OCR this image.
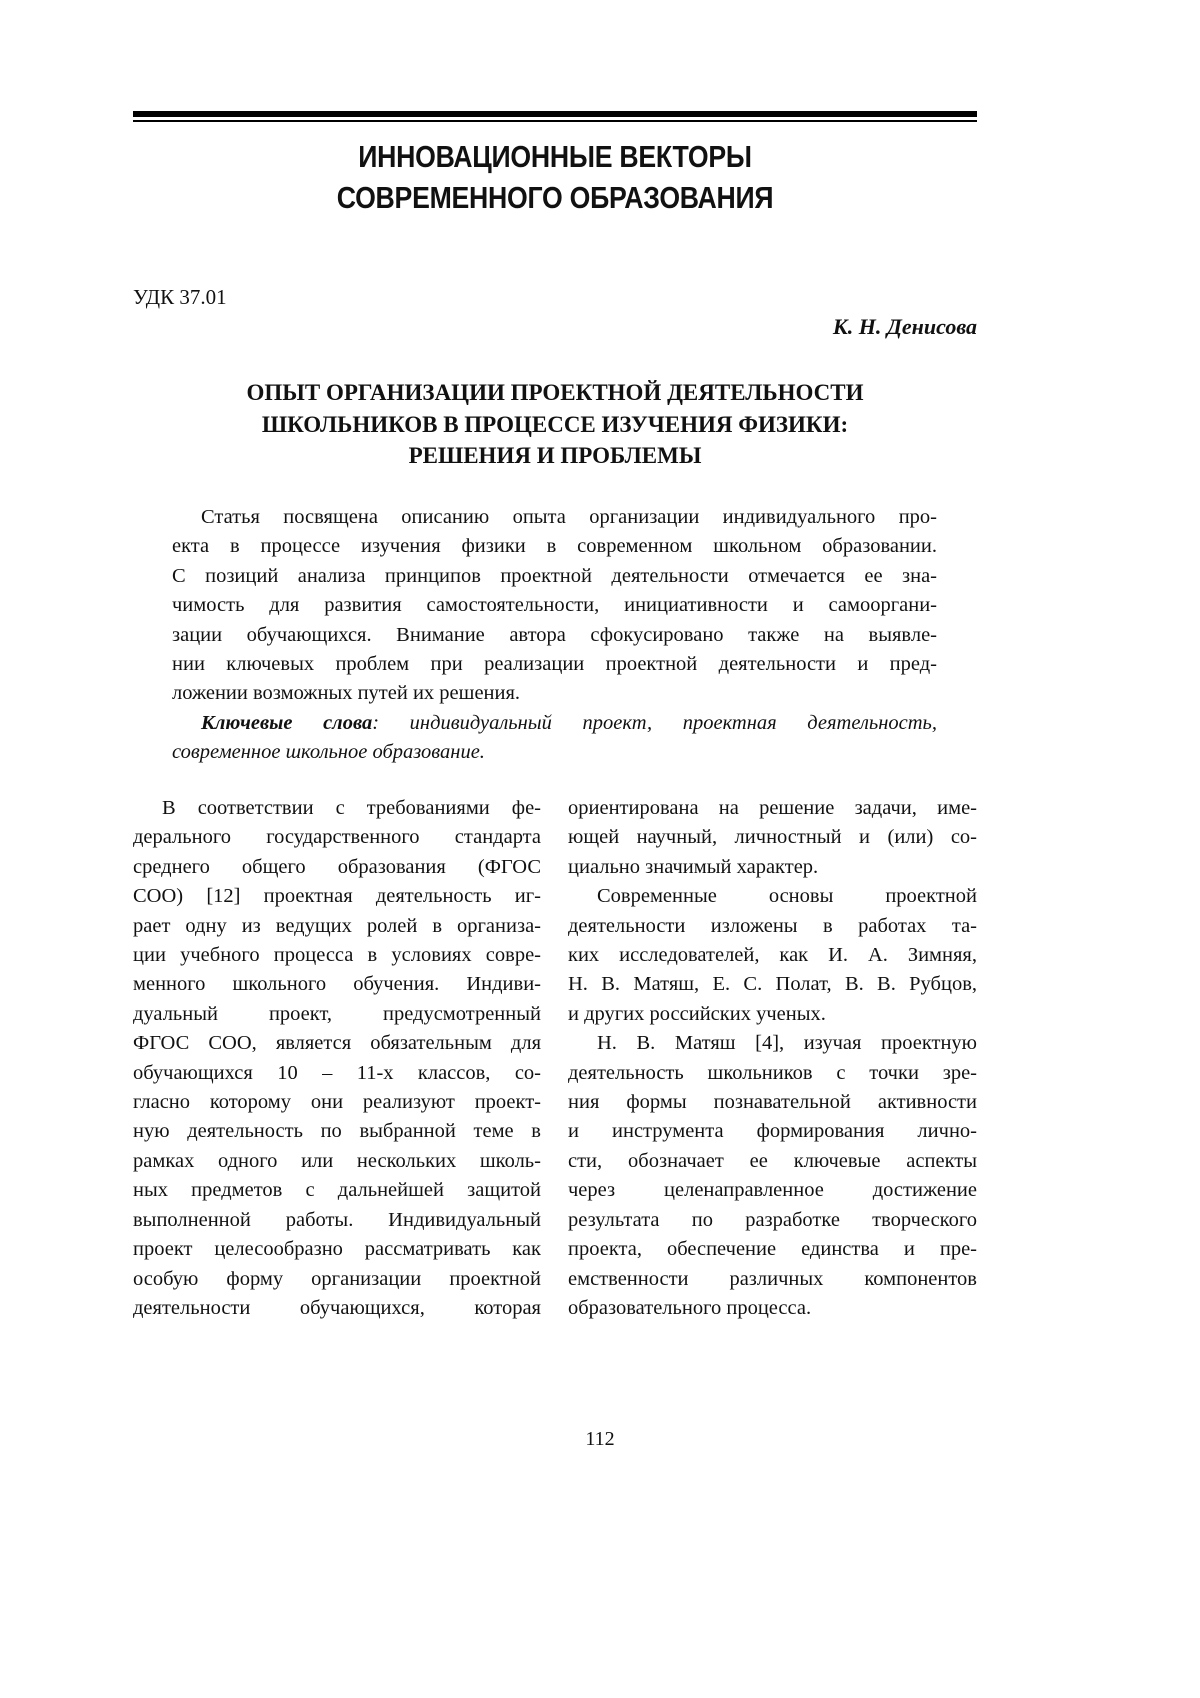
ИННОВАЦИОННЫЕ ВЕКТОРЫ
СОВРЕМЕННОГО ОБРАЗОВАНИЯ
УДК 37.01
К. Н. Денисова
ОПЫТ ОРГАНИЗАЦИИ ПРОЕКТНОЙ ДЕЯТЕЛЬНОСТИ
ШКОЛЬНИКОВ В ПРОЦЕССЕ ИЗУЧЕНИЯ ФИЗИКИ:
РЕШЕНИЯ И ПРОБЛЕМЫ
Статья посвящена описанию опыта организации индивидуального про-
екта в процессе изучения физики в современном школьном образовании.
С позиций анализа принципов проектной деятельности отмечается ее зна-
чимость для развития самостоятельности, инициативности и самооргани-
зации обучающихся. Внимание автора сфокусировано также на выявле-
нии ключевых проблем при реализации проектной деятельности и пред-
ложении возможных путей их решения.
Ключевые слова: индивидуальный проект, проектная деятельность,
современное школьное образование.
В соответствии с требованиями фе-
дерального государственного стандарта
среднего общего образования (ФГОС
СОО) [12] проектная деятельность иг-
рает одну из ведущих ролей в организа-
ции учебного процесса в условиях совре-
менного школьного обучения. Индиви-
дуальный проект, предусмотренный
ФГОС СОО, является обязательным для
обучающихся 10 – 11-х классов, со-
гласно которому они реализуют проект-
ную деятельность по выбранной теме в
рамках одного или нескольких школь-
ных предметов с дальнейшей защитой
выполненной работы. Индивидуальный
проект целесообразно рассматривать как
особую форму организации проектной
деятельности обучающихся, которая
ориентирована на решение задачи, име-
ющей научный, личностный и (или) со-
циально значимый характер.
Современные основы проектной
деятельности изложены в работах та-
ких исследователей, как И. А. Зимняя,
Н. В. Матяш, Е. С. Полат, В. В. Рубцов,
и других российских ученых.
Н. В. Матяш [4], изучая проектную
деятельность школьников с точки зре-
ния формы познавательной активности
и инструмента формирования лично-
сти, обозначает ее ключевые аспекты
через целенаправленное достижение
результата по разработке творческого
проекта, обеспечение единства и пре-
емственности различных компонентов
образовательного процесса.
112
